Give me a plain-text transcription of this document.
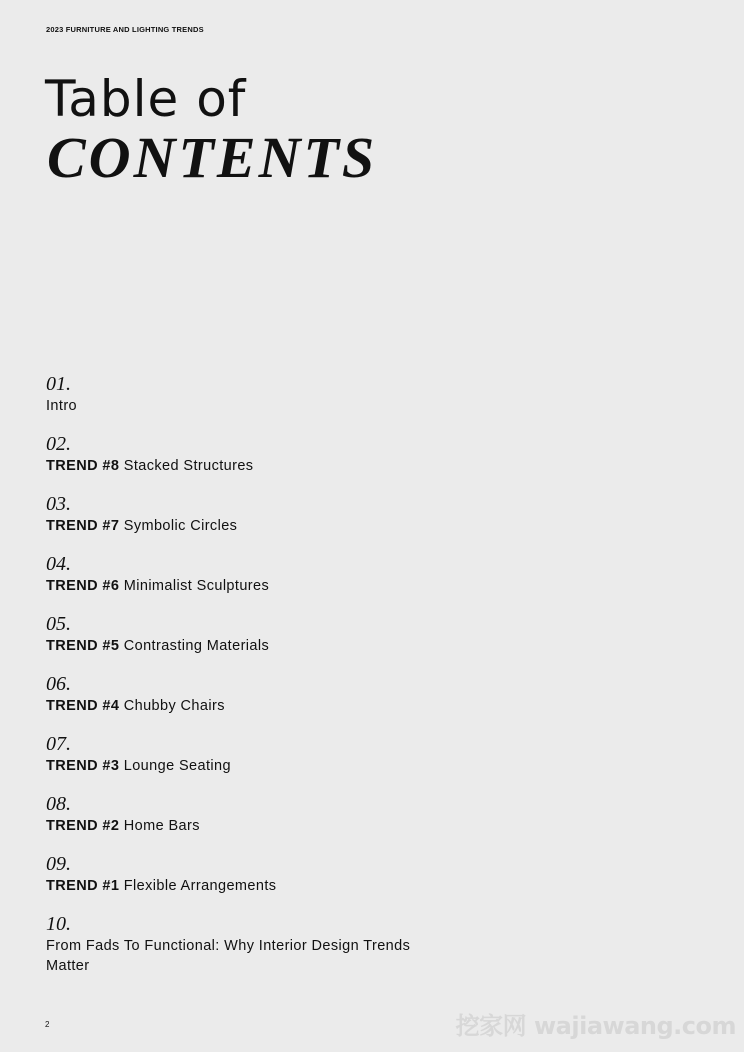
2023 FURNITURE AND LIGHTING TRENDS
Table of
CONTENTS
01.
Intro
02.
TREND #8 Stacked Structures
03.
TREND #7 Symbolic Circles
04.
TREND #6 Minimalist Sculptures
05.
TREND #5 Contrasting Materials
06.
TREND #4 Chubby Chairs
07.
TREND #3 Lounge Seating
08.
TREND #2 Home Bars
09.
TREND #1 Flexible Arrangements
10.
From Fads To Functional: Why Interior Design Trends Matter
2	挖家网 wajiawang.com
